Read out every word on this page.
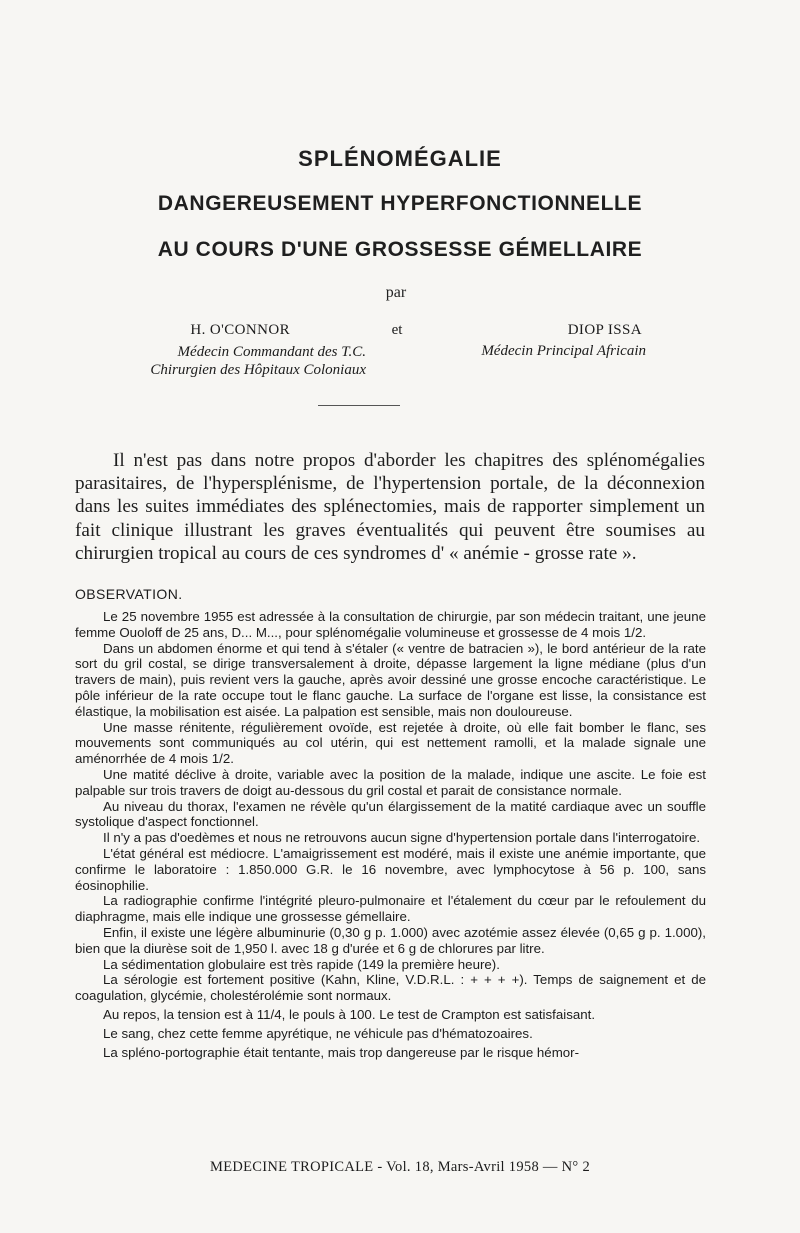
SPLÉNOMÉGALIE
DANGEREUSEMENT HYPERFONCTIONNELLE
AU COURS D'UNE GROSSESSE GÉMELLAIRE
par
H. O'CONNOR	et	DIOP ISSA
Médecin Commandant des T.C.
Chirurgien des Hôpitaux Coloniaux
Médecin Principal Africain
Il n'est pas dans notre propos d'aborder les chapitres des splénomégalies parasitaires, de l'hypersplénisme, de l'hypertension portale, de la déconnexion dans les suites immédiates des splénectomies, mais de rapporter simplement un fait clinique illustrant les graves éventualités qui peuvent être soumises au chirurgien tropical au cours de ces syndromes d' « anémie - grosse rate ».
OBSERVATION.

Le 25 novembre 1955 est adressée à la consultation de chirurgie, par son médecin traitant, une jeune femme Ouoloff de 25 ans, D... M..., pour splénomégalie volumineuse et grossesse de 4 mois 1/2.

Dans un abdomen énorme et qui tend à s'étaler (« ventre de batracien »), le bord antérieur de la rate sort du gril costal, se dirige transversalement à droite, dépasse largement la ligne médiane (plus d'un travers de main), puis revient vers la gauche, après avoir dessiné une grosse encoche caractéristique. Le pôle inférieur de la rate occupe tout le flanc gauche. La surface de l'organe est lisse, la consistance est élastique, la mobilisation est aisée. La palpation est sensible, mais non douloureuse.

Une masse rénitente, régulièrement ovoïde, est rejetée à droite, où elle fait bomber le flanc, ses mouvements sont communiqués au col utérin, qui est nettement ramolli, et la malade signale une aménorrhée de 4 mois 1/2.

Une matité déclive à droite, variable avec la position de la malade, indique une ascite. Le foie est palpable sur trois travers de doigt au-dessous du gril costal et parait de consistance normale.

Au niveau du thorax, l'examen ne révèle qu'un élargissement de la matité cardiaque avec un souffle systolique d'aspect fonctionnel.

Il n'y a pas d'oedèmes et nous ne retrouvons aucun signe d'hypertension portale dans l'interrogatoire.

L'état général est médiocre. L'amaigrissement est modéré, mais il existe une anémie importante, que confirme le laboratoire : 1.850.000 G.R. le 16 novembre, avec lymphocytose à 56 p. 100, sans éosinophilie.

La radiographie confirme l'intégrité pleuro-pulmonaire et l'étalement du cœur par le refoulement du diaphragme, mais elle indique une grossesse gémellaire.

Enfin, il existe une légère albuminurie (0,30 g p. 1.000) avec azotémie assez élevée (0,65 g p. 1.000), bien que la diurèse soit de 1,950 l. avec 18 g d'urée et 6 g de chlorures par litre.

La sédimentation globulaire est très rapide (149 la première heure).

La sérologie est fortement positive (Kahn, Kline, V.D.R.L. : + + + +). Temps de saignement et de coagulation, glycémie, cholestérolémie sont normaux.

Au repos, la tension est à 11/4, le pouls à 100. Le test de Crampton est satisfaisant.

Le sang, chez cette femme apyrétique, ne véhicule pas d'hématozoaires.

La spléno-portographie était tentante, mais trop dangereuse par le risque hémor-

MEDECINE TROPICALE - Vol. 18, Mars-Avril 1958 — N° 2
